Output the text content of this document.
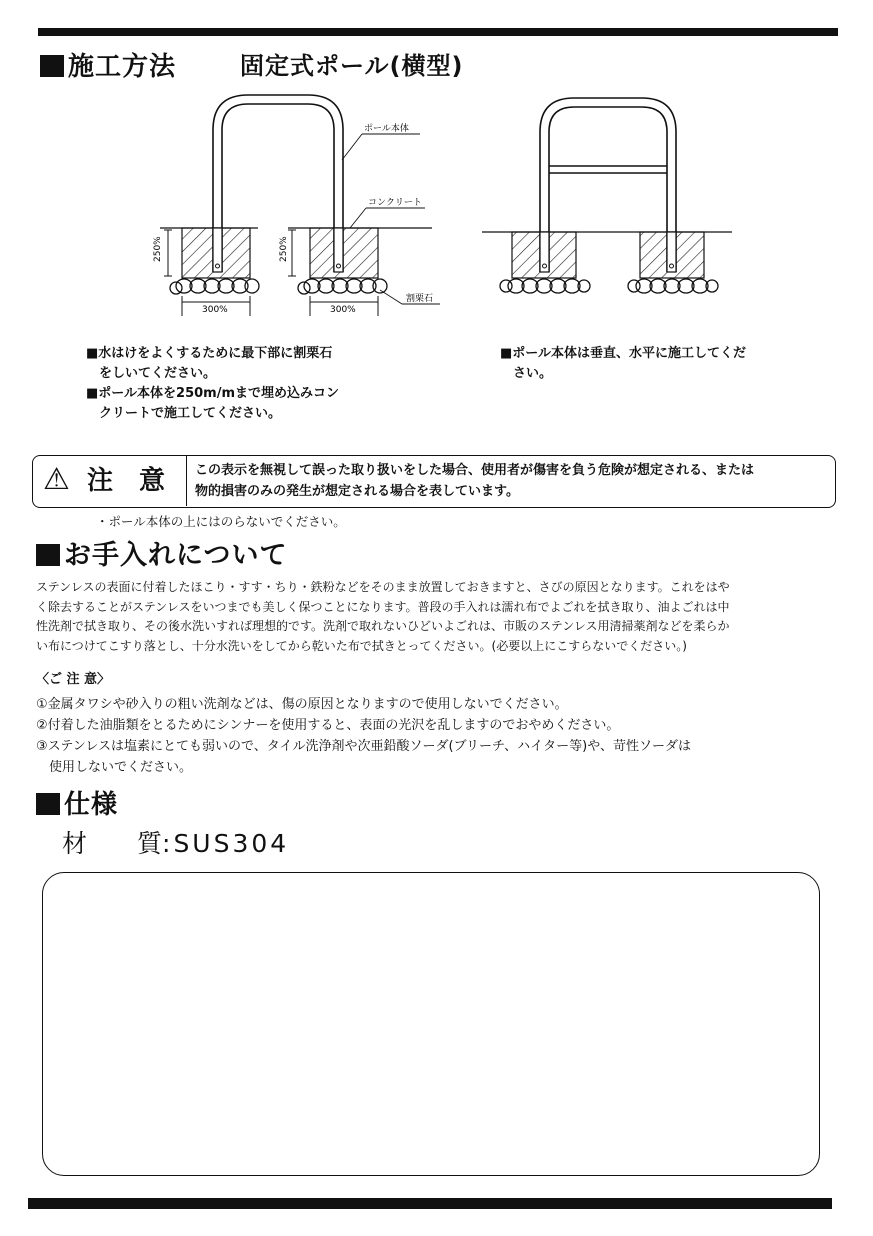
施工方法	固定式ポール(横型)
250%	250%
300%	300%
ポール本体
コンクリート
割栗石
■水はけをよくするために最下部に割栗石
　をしいてください。
■ポール本体を250m/mまで埋め込みコン
　クリートで施工してください。
■ポール本体は垂直、水平に施工してくだ
　さい。
⚠ 注　意 この表示を無視して誤った取り扱いをした場合、使用者が傷害を負う危険が想定される、または
物的損害のみの発生が想定される場合を表しています。
・ポール本体の上にはのらないでください。
お手入れについて
ステンレスの表面に付着したほこり・すす・ちり・鉄粉などをそのまま放置しておきますと、さびの原因となります。これをはや
く除去することがステンレスをいつまでも美しく保つことになります。普段の手入れは濡れ布でよごれを拭き取り、油よごれは中
性洗剤で拭き取り、その後水洗いすれば理想的です。洗剤で取れないひどいよごれは、市販のステンレス用清掃薬剤などを柔らか
い布につけてこすり落とし、十分水洗いをしてから乾いた布で拭きとってください。(必要以上にこすらないでください。)
〈ご 注 意〉
①金属タワシや砂入りの粗い洗剤などは、傷の原因となりますので使用しないでください。
②付着した油脂類をとるためにシンナーを使用すると、表面の光沢を乱しますのでおやめください。
③ステンレスは塩素にとても弱いので、タイル洗浄剤や次亜鉛酸ソーダ(ブリーチ、ハイター等)や、苛性ソーダは
　使用しないでください。
仕様
材　　質:SUS304
